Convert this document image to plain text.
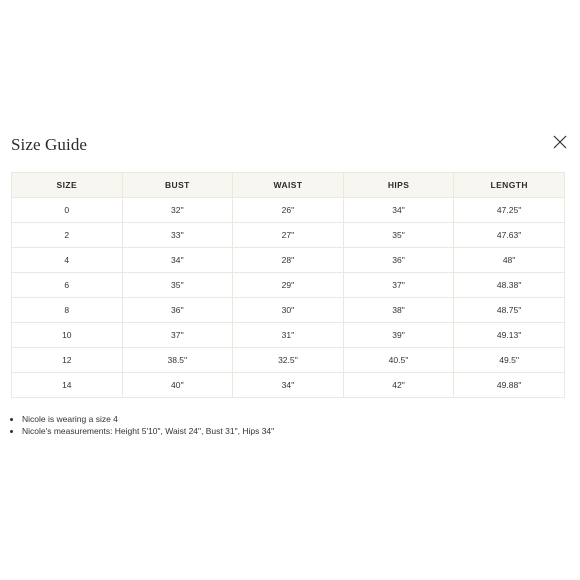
Size Guide
SIZE	BUST	WAIST	HIPS	LENGTH
0	32''	26''	34''	47.25''
2	33''	27''	35''	47.63''
4	34''	28''	36''	48''
6	35''	29''	37''	48.38''
8	36''	30''	38''	48.75''
10	37''	31''	39''	49.13''
12	38.5''	32.5''	40.5''	49.5''
14	40''	34''	42''	49.88''
• Nicole is wearing a size 4
• Nicole's measurements: Height 5'10", Waist 24", Bust 31", Hips 34"
